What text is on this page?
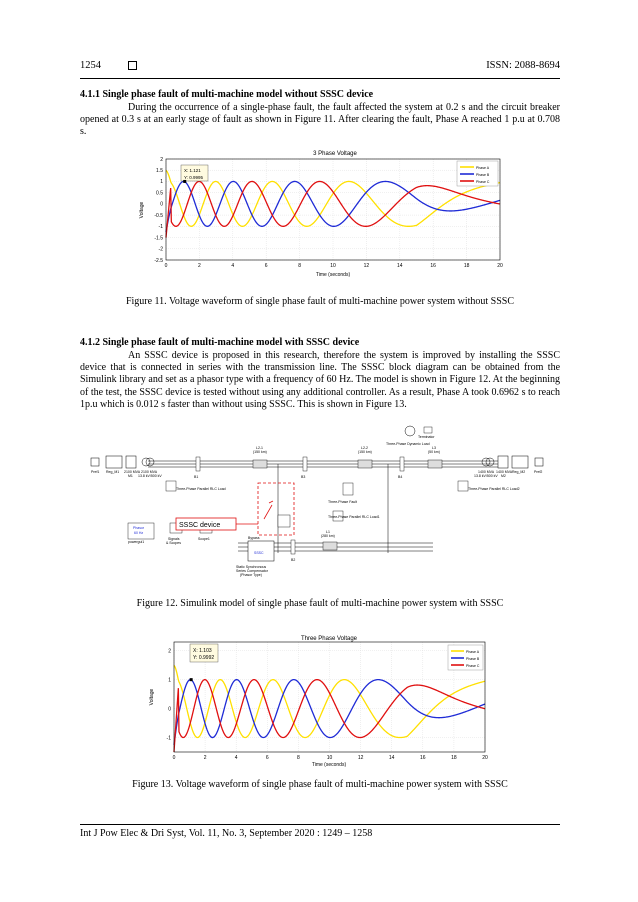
1254	ISSN: 2088-8694
4.1.1 Single phase fault of multi-machine model without SSSC device

During the occurrence of a single-phase fault, the fault affected the system at 0.2 s and the circuit breaker opened at 0.3 s at an early stage of fault as shown in Figure 11. After clearing the fault, Phase A reached 1 p.u at 0.708 s.

3 Phase Voltage
2
1.5
1
0.5
0
-0.5
-1
-1.5
-2
-2.5
0	2	4	6	8	10	12	14	16	18	20
Voltage
Time (seconds)
Phase A
Phase B
Phase C
X: 1.121
Y: 0.9995
Figure 11. Voltage waveform of single phase fault of multi-machine power system without SSSC
4.1.2 Single phase fault of multi-machine model with SSSC device

An SSSC device is proposed in this research, therefore the system is improved by installing the SSSC device that is connected in series with the transmission line. The SSSC block diagram can be obtained from the Simulink library and set as a phasor type with a frequency of 60 Hz. The model is shown in Figure 12. At the beginning of the test, the SSSC device is tested without using any additional controller. As a result, Phase A took 0.6962 s to reach 1p.u which is 0.012 s faster than without using SSSC. This is shown in Figure 13.

Pref1 Reg_M1 2100 MVA
M1
2100 MVA
13.8 kV/500 kV
1400 MVA
13.8 kV/500 kV
1400 MVA
M2
Reg_M2	Pref2
L2-1
(150 km)
L2-2
(150 km)
L3
(50 km)
L1
(280 km)
B1	B3	B4
B2
Three-Phase Parallel RLC Load	Three-Phase Parallel RLC Load2
Three-Phase Parallel RLC Load1
Three-Phase Fault
Three-Phase Dynamic Load
Terminator
Phasor
60 Hz
powergui1
Signals
& Scopes
Scope1
SSSC device
SSSC
Bypass
Static Synchronous
Series Compensator
(Phasor Type)
Figure 12. Simulink model of single phase fault of multi-machine power system with SSSC
Three Phase Voltage
2
1
0
-1
0	2	4	6	8	10	12	14	16	18	20
Voltage
Time (seconds)
Phase A
Phase B
Phase C
X: 1.103
Y: 0.9992
Figure 13. Voltage waveform of single phase fault of multi-machine power system with SSSC
Int J Pow Elec & Dri Syst, Vol. 11, No. 3, September 2020 : 1249 – 1258
